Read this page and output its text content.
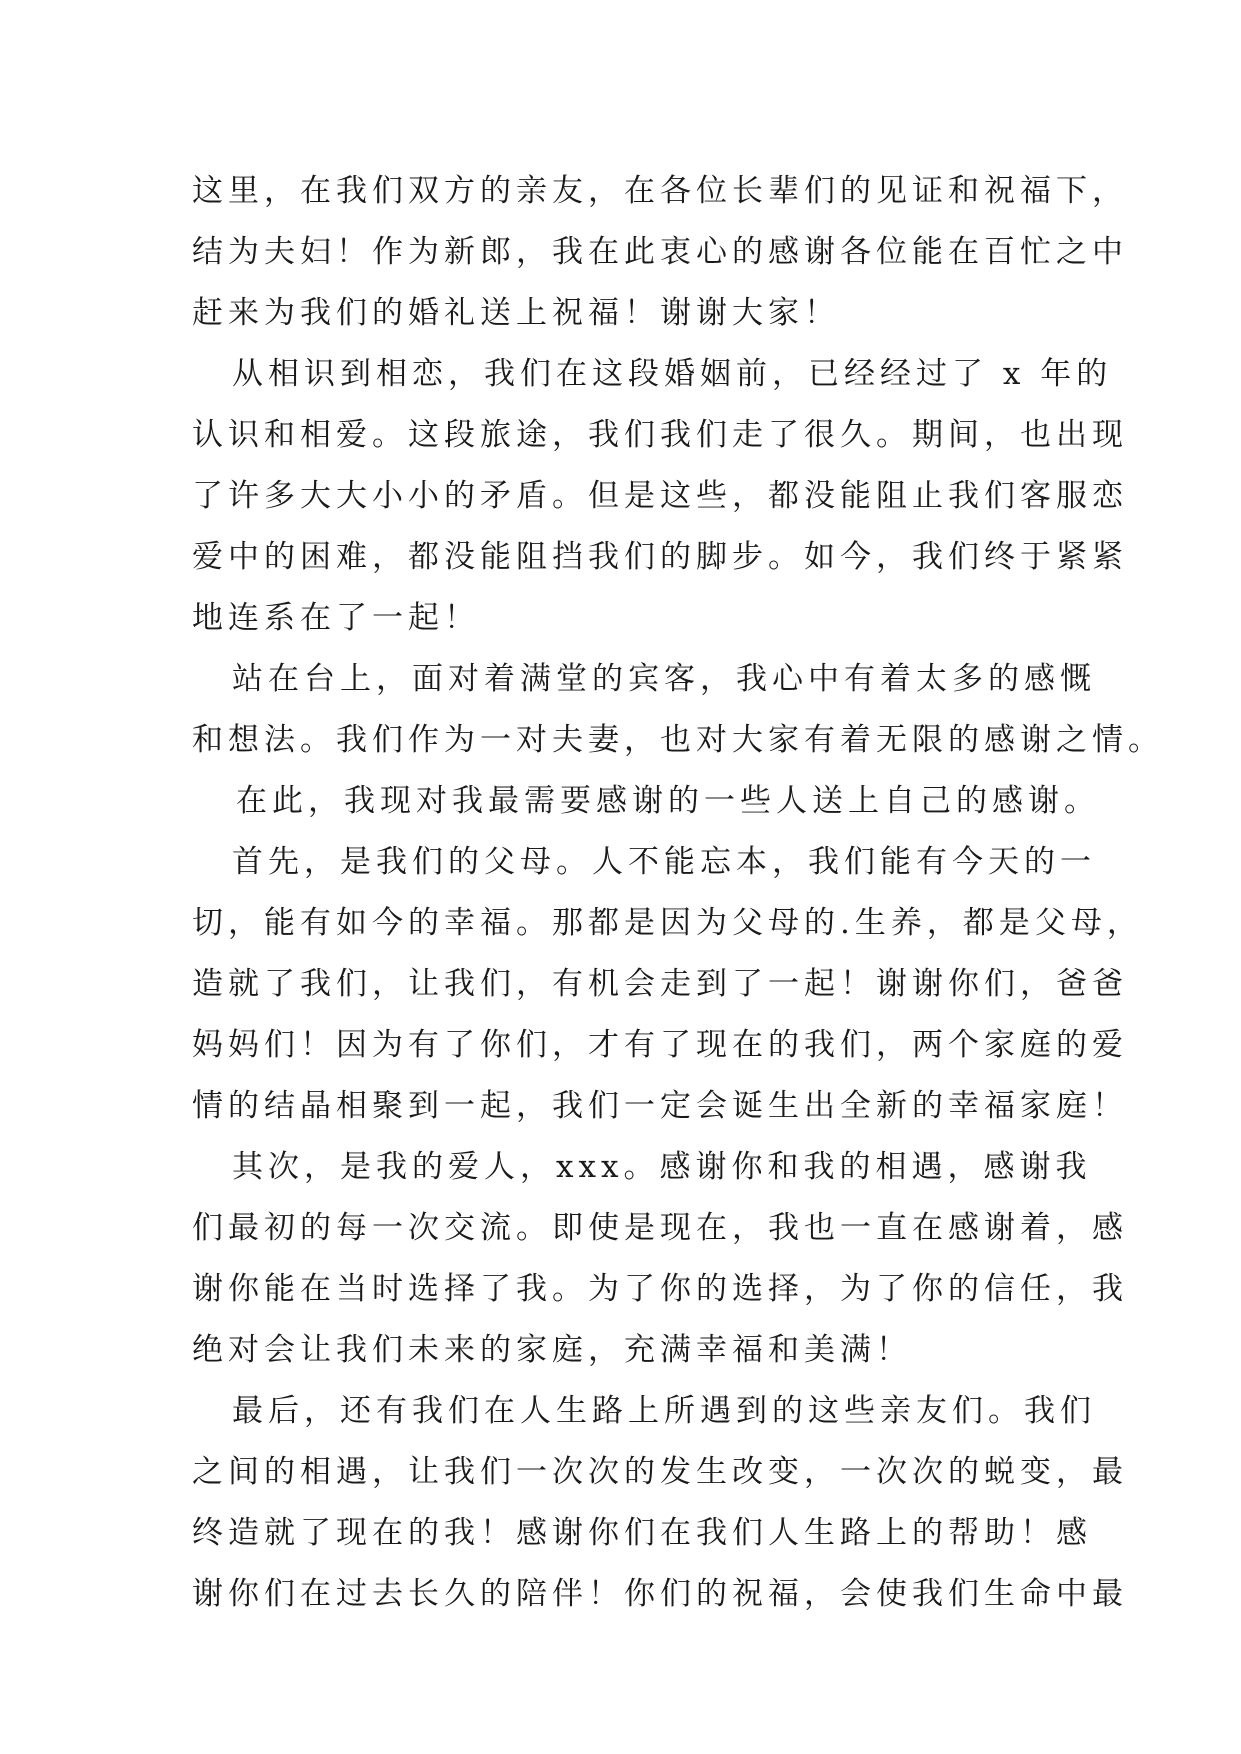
这里，在我们双方的亲友，在各位长辈们的见证和祝福下，
结为夫妇！作为新郎，我在此衷心的感谢各位能在百忙之中
赶来为我们的婚礼送上祝福！谢谢大家！
从相识到相恋，我们在这段婚姻前，已经经过了 x 年的
认识和相爱。这段旅途，我们我们走了很久。期间，也出现
了许多大大小小的矛盾。但是这些，都没能阻止我们客服恋
爱中的困难，都没能阻挡我们的脚步。如今，我们终于紧紧
地连系在了一起！
站在台上，面对着满堂的宾客，我心中有着太多的感慨
和想法。我们作为一对夫妻，也对大家有着无限的感谢之情。
在此，我现对我最需要感谢的一些人送上自己的感谢。
首先，是我们的父母。人不能忘本，我们能有今天的一
切，能有如今的幸福。那都是因为父母的.生养，都是父母，
造就了我们，让我们，有机会走到了一起！谢谢你们，爸爸
妈妈们！因为有了你们，才有了现在的我们，两个家庭的爱
情的结晶相聚到一起，我们一定会诞生出全新的幸福家庭！
其次，是我的爱人，xxx。感谢你和我的相遇，感谢我
们最初的每一次交流。即使是现在，我也一直在感谢着，感
谢你能在当时选择了我。为了你的选择，为了你的信任，我
绝对会让我们未来的家庭，充满幸福和美满！
最后，还有我们在人生路上所遇到的这些亲友们。我们
之间的相遇，让我们一次次的发生改变，一次次的蜕变，最
终造就了现在的我！感谢你们在我们人生路上的帮助！感
谢你们在过去长久的陪伴！你们的祝福，会使我们生命中最
